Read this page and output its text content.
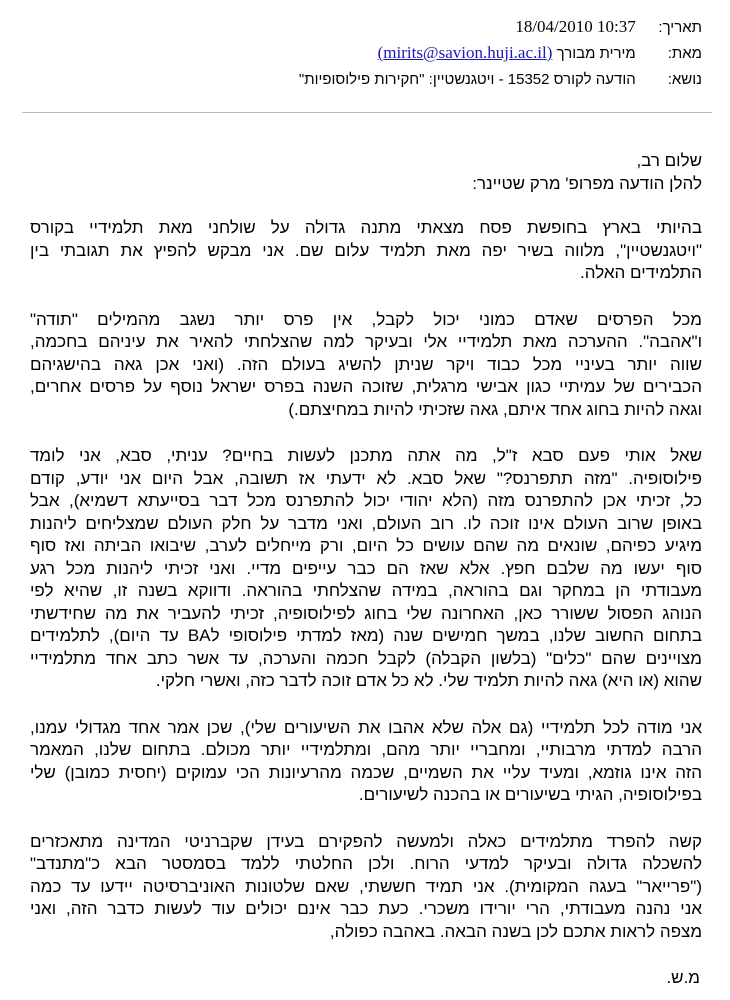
תאריך: 10:37 18/04/2010
מאת: מירית מבורך (mirits@savion.huji.ac.il)
נושא: הודעה לקורס 15352 - ויטגנשטיין: "חקירות פילוסופיות"

שלום רב,

להלן הודעה מפרופ' מרק שטיינר:

בהיותי בארץ בחופשת פסח מצאתי מתנה גדולה על שולחני מאת תלמידיי בקורס
"ויטגנשטיין", מלווה בשיר יפה מאת תלמיד עלום שם. אני מבקש להפיץ את תגובתי בין
התלמידים האלה.
מכל הפרסים שאדם כמוני יכול לקבל, אין פרס יותר נשגב מהמילים "תודה"
ו"אהבה". ההערכה מאת תלמידיי אלי ובעיקר למה שהצלחתי להאיר את עיניהם בחכמה,
שווה יותר בעיניי מכל כבוד ויקר שניתן להשיג בעולם הזה. (ואני אכן גאה בהישגיהם
הכבירים של עמיתיי כגון אבישי מרגלית, שזוכה השנה בפרס ישראל נוסף על פרסים אחרים,
וגאה להיות בחוג אחד איתם, גאה שזכיתי להיות במחיצתם.)
שאל אותי פעם סבא ז"ל, מה אתה מתכנן לעשות בחיים? עניתי, סבא, אני לומד
פילוסופיה. "מזה תתפרנס?" שאל סבא. לא ידעתי אז תשובה, אבל היום אני יודע, קודם
כל, זכיתי אכן להתפרנס מזה (הלא יהודי יכול להתפרנס מכל דבר בסייעתא דשמיא), אבל
באופן שרוב העולם אינו זוכה לו. רוב העולם, ואני מדבר על חלק העולם שמצליחים ליהנות
מיגיע כפיהם, שונאים מה שהם עושים כל היום, ורק מייחלים לערב, שיבואו הביתה ואז סוף
סוף יעשו מה שלבם חפץ. אלא שאז הם כבר עייפים מדיי. ואני זכיתי ליהנות מכל רגע
מעבודתי הן במחקר וגם בהוראה, במידה שהצלחתי בהוראה. ודווקא בשנה זו, שהיא לפי
הנוהג הפסול ששורר כאן, האחרונה שלי בחוג לפילוסופיה, זכיתי להעביר את מה שחידשתי
בתחום החשוב שלנו, במשך חמישים שנה (מאז למדתי פילוסופי לBA עד היום), לתלמידים
מצויינים שהם "כלים" (בלשון הקבלה) לקבל חכמה והערכה, עד אשר כתב אחד מתלמידיי
שהוא (או היא) גאה להיות תלמיד שלי. לא כל אדם זוכה לדבר כזה, ואשרי חלקי.
אני מודה לכל תלמידיי (גם אלה שלא אהבו את השיעורים שלי), שכן אמר אחד מגדולי עמנו,
הרבה למדתי מרבותיי, ומחבריי יותר מהם, ומתלמידיי יותר מכולם. בתחום שלנו, המאמר
הזה אינו גוזמא, ומעיד עליי את השמיים, שכמה מהרעיונות הכי עמוקים (יחסית כמובן) שלי
בפילוסופיה, הגיתי בשיעורים או בהכנה לשיעורים.
קשה להפרד מתלמידים כאלה ולמעשה להפקירם בעידן שקברניטי המדינה מתאכזרים
להשכלה גדולה ובעיקר למדעי הרוח. ולכן החלטתי ללמד בסמסטר הבא כ"מתנדב"
("פרייאר" בעגה המקומית). אני תמיד חששתי, שאם שלטונות האוניברסיטה יידעו עד כמה
אני נהנה מעבודתי, הרי יורידו משכרי. כעת כבר אינם יכולים עוד לעשות כדבר הזה, ואני
מצפה לראות אתכם לכן בשנה הבאה. באהבה כפולה,
מ.ש.
